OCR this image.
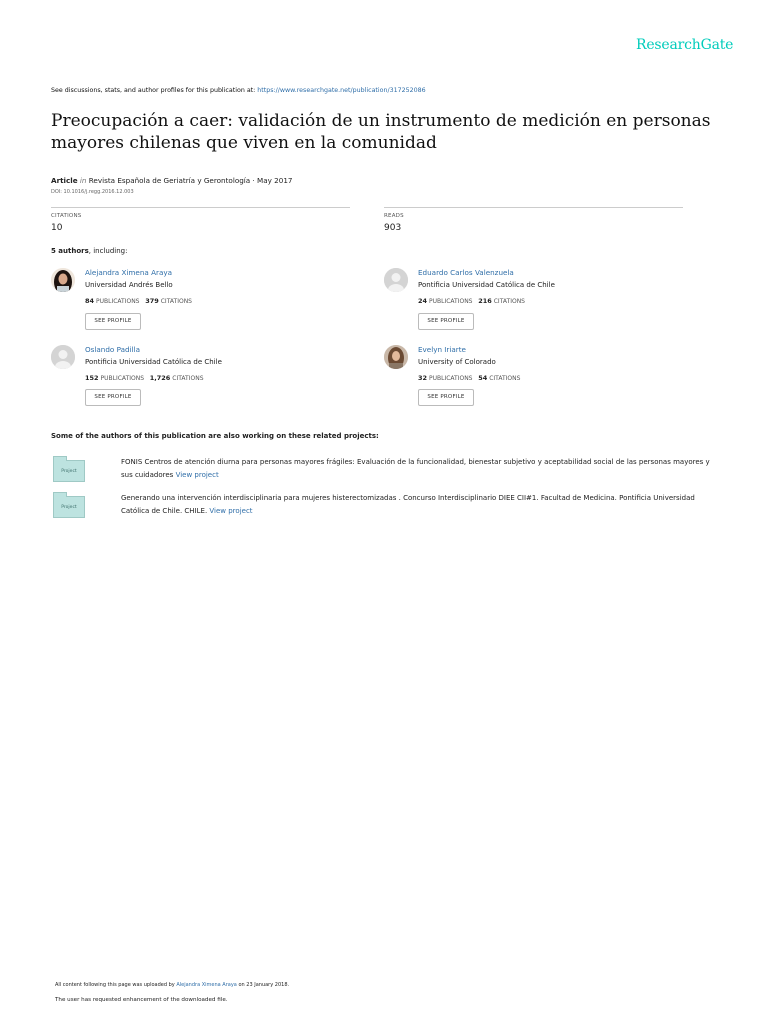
ResearchGate
See discussions, stats, and author profiles for this publication at: https://www.researchgate.net/publication/317252086
Preocupación a caer: validación de un instrumento de medición en personas mayores chilenas que viven en la comunidad
Article in Revista Española de Geriatría y Gerontología · May 2017
DOI: 10.1016/j.regg.2016.12.003
CITATIONS
10
READS
903
5 authors, including:
Alejandra Ximena Araya
Universidad Andrés Bello
84 PUBLICATIONS 379 CITATIONS
SEE PROFILE
Eduardo Carlos Valenzuela
Pontificia Universidad Católica de Chile
24 PUBLICATIONS 216 CITATIONS
SEE PROFILE
Oslando Padilla
Pontificia Universidad Católica de Chile
152 PUBLICATIONS 1,726 CITATIONS
SEE PROFILE
Evelyn Iriarte
University of Colorado
32 PUBLICATIONS 54 CITATIONS
SEE PROFILE
Some of the authors of this publication are also working on these related projects:
Project
FONIS Centros de atención diurna para personas mayores frágiles: Evaluación de la funcionalidad, bienestar subjetivo y aceptabilidad social de las personas mayores y sus cuidadores View project
Project
Generando una intervención interdisciplinaria para mujeres histerectomizadas . Concurso Interdisciplinario DIEE CII#1. Facultad de Medicina. Pontificia Universidad Católica de Chile. CHILE. View project
All content following this page was uploaded by Alejandra Ximena Araya on 23 January 2018.
The user has requested enhancement of the downloaded file.
